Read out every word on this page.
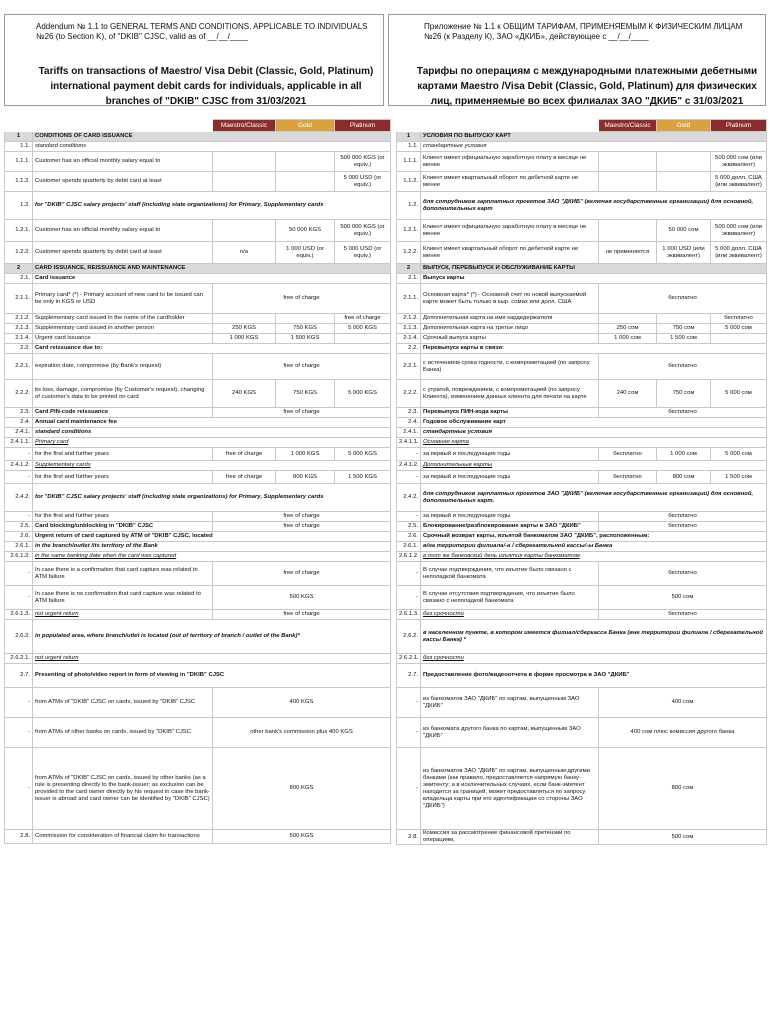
Addendum № 1.1 to GENERAL TERMS AND CONDITIONS, APPLICABLE TO INDIVIDUALS №26 (to Section K), of "DKIB" CJSC, valid as of __/__/____
Приложение № 1.1 к ОБЩИМ ТАРИФАМ, ПРИМЕНЯЕМЫМ К ФИЗИЧЕСКИМ ЛИЦАМ №26 (к Разделу К), ЗАО «ДКИБ», действующее с __/__/____
Tariffs on transactions of Maestro/ Visa Debit (Classic, Gold, Platinum) international payment debit cards for individuals, applicable in all branches of "DKIB" CJSC from 31/03/2021
Тарифы по операциям с международными платежными дебетными картами Maestro /Visa Debit (Classic, Gold, Platinum) для физических лиц, применяемые во всех филиалах ЗАО "ДКИБ" с 31/03/2021
		Maestro/Classic	Gold	Platinum
1	CONDITIONS OF CARD ISSUANCE			
1.1.	standard conditions			
1.1.1.	Customer has an official monthly salary equal to			500 000 KGS (or equiv.)
1.1.2.	Customer spends quarterly by debit card at least			5 000 USD (or equiv.)
1.2.	for "DKIB" CJSC salary projects' staff (including state organizations) for Primary, Supplementary cards			
1.2.1.	Customer has an official monthly salary equal to		50 000 KGS	500 000 KGS (or equiv.)
1.2.2.	Customer spends quarterly by debit card at least	n/a	1 000 USD (or equiv.)	5 000 USD (or equiv.)
2	CARD ISSUANCE, REISSUANCE AND MAINTENANCE			
2.1.	Card issuance			
2.1.1.	Primary card* (*) - Primary account of new card to be issued can be only in KGS or USD	free of charge		
2.1.2.	Supplementary card issued in the name of the cardholder			free of charge
2.1.3.	Supplementary card issued in another person	250 KGS	750 KGS	5 000 KGS
2.1.4.	Urgent card issuance	1 000 KGS	1 500 KGS	
2.2.	Card reissuance due to:			
2.2.1.	expiration date, compromise (by Bank's request)	free of charge		
2.2.2.	its loss, damage, compromise (by Customer's request), changing of customer's data to be printed on card	240 KGS	750 KGS	5 000 KGS
2.3.	Card PIN-code reissuance	free of charge		
2.4.	Annual card maintenance fee			
2.4.1.	standard conditions			
2.4.1.1.	Primary card			
-	for the first and further years	free of charge	1 000 KGS	5 000 KGS
2.4.1.2.	Supplementary cards			
-	for the first and further years	free of charge	800 KGS	1 500 KGS
2.4.2.	for "DKIB" CJSC salary projects' staff (including state organizations) for Primary, Supplementary cards			
-	for the first and further years	free of charge		
2.5.	Card blocking/unblocking in "DKIB" CJSC	free of charge		
2.6.	Urgent return of card captured by ATM of "DKIB" CJSC, located			
2.6.1.	in the branch/outlet /its territory of the Bank			
2.6.1.2.	in the same banking date when the card was captured			
-	In case there is a confirmation that card capture was related to ATM failure	free of charge		
-	In case there is no confirmation that card capture was related to ATM failure	500 KGS		
2.6.1.3.	not urgent return	free of charge		
2.6.2.	in populated area, where branch/utlet is located (out of territory of branch / outlet of the Bank)*			
2.6.2.1.	not urgent return			
2.7.	Presenting of photo/video report in form of viewing in "DKIB" CJSC			
-	from ATMs of "DKIB" CJSC on cards, issued by "DKIB" CJSC	400 KGS		
-	from ATMs of other banks on cards, issued by "DKIB" CJSC	other bank's commission plus 400 KGS		
-	from ATMs of "DKIB" CJSC on cards, issued by other banks (as a rule is presenting directly to the bank-issuer; as exclusion can be provided to the card owner directly by his request in case the bank-issuer is abroad and card owner can be identified by "DKIB" CJSC)	800 KGS		
2.8.	Commission for consideration of financial claim for transactions	500 KGS		
		Maestro/Classic	Gold	Platinum
1	УСЛОВИЯ ПО ВЫПУСКУ КАРТ			
1.1.	стандартные условия			
1.1.1.	Клиент имеет официальную заработную плату в месяце не менее			500 000 сом (или эквивалент)
1.1.2.	Клиент имеет квартальный оборот по дебетной карте не менее			5 000 долл. США (или эквивалент)
1.2.	для сотрудников зарплатных проектов ЗАО "ДКИБ" (включая государственные организации) для основной, дополнительных карт			
1.2.1.	Клиент имеет официальную заработную плату в месяце не менее		50 000 сом	500 000 сом (или эквивалент)
1.2.2.	Клиент имеет квартальный оборот по дебетной карте не менее	не применяется	1 000 USD (или эквивалент)	5 000 долл. США (или эквивалент)
2	ВЫПУСК, ПЕРЕВЫПУСК И ОБСЛУЖИВАНИЕ КАРТЫ			
2.1.	Выпуск карты			
2.1.1.	Основная карта* (*) - Основной счет по новой выпускаемой карте может быть только в кыр. сомах или долл. США	бесплатно		
2.1.2.	Дополнительная карта на имя кардедержателя			бесплатно
2.1.3.	Дополнительная карта на третье лицо	250 сом	750 сом	5 000 сом
2.1.4.	Срочный выпуск карты	1 000 сом	1 500 сом	
2.2.	Перевыпуск карты в связи:			
2.2.1.	с истечением срока годности, с компрометацией (по запросу Банка)	бесплатно		
2.2.2.	с утратой, повреждением, с компрометацией (по запросу Клиента), изменением данных клиента для печати на карте	240 сом	750 сом	5 000 сом
2.3.	Перевыпуск ПИН-кода карты	бесплатно		
2.4.	Годовое обслуживание карт			
2.4.1.	стандартные условия			
2.4.1.1.	Основная карта			
-	за первый и последующие годы	бесплатно	1 000 сом	5 000 сом
2.4.1.2.	Дополнительные карты			
-	за первый и последующие годы	бесплатно	800 сом	1 500 сом
2.4.2.	для сотрудников зарплатных проектов ЗАО "ДКИБ" (включая государственные организации) для основной, дополнительных карт.			
-	за первый и последующие годы	бесплатно		
2.5.	Блокирование/разблокирование карты в ЗАО "ДКИБ"	бесплатно		
2.6.	Срочный возврат карты, изъятой банкоматом ЗАО "ДКИБ", расположенным:			
2.6.1.	в/на территории филиала/-а / сберегательной кассы/-ы Банка			
2.6.1.2.	в тот же банковский день изъятия карты банкоматом			
-	В случае подтверждения, что изъятие было связано с неполадкой банкомата	бесплатно		
-	В случае отсутствия подтверждения, что изъятие было связано с неполадкой банкомата	500 сом		
2.6.1.3.	без срочности	бесплатно		
2.6.2.	в населенном пункте, в котором имеется филиал/сберкасса Банка (вне территории филиала / сберегательной кассы Банка) *			
2.6.2.1.	без срочности			
2.7.	Предоставление фото/видеоотчета в форме просмотра в ЗАО "ДКИБ"			
-	из банкоматов ЗАО "ДКИБ" по картам, выпущенным ЗАО "ДКИБ"	400 сом		
-	из банкомата другого банка по картам, выпущенным ЗАО "ДКИБ"	400 сом плюс комиссия другого банка		
-	из банкоматов ЗАО "ДКИБ" по картам, выпущенным другими банками (как правило, предоставляется напрямую банку-эмитенту; а в исключительных случаях, если банк-эмитент находится за границей, может предоставляться по запросу владельца карты при его идентификации со стороны ЗАО "ДКИБ")	800 сом		
2.8.	Комиссия за рассмотрение финансовой претензии по операциям,	500 сом		
